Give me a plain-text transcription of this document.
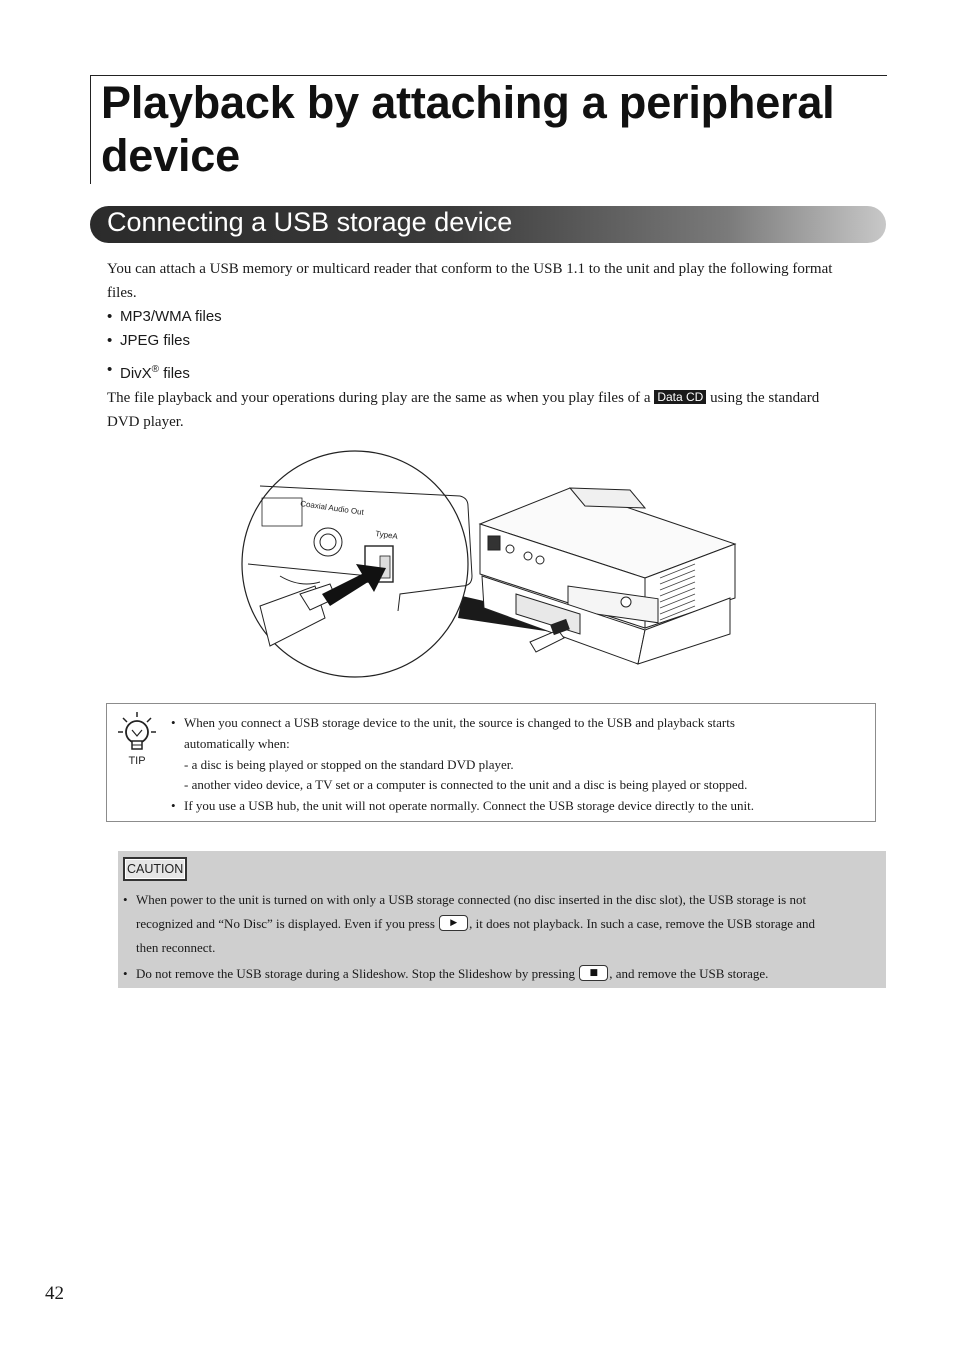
Playback by attaching a peripheral device
Connecting a USB storage device

You can attach a USB memory or multicard reader that conform to the USB 1.1 to the unit and play the following format
files.

• MP3/WMA files
• JPEG files
• DivX® files

The file playback and your operations during play are the same as when you play files of a Data CD using the standard
DVD player.

Coaxial Audio Out
TypeA
TIP
• When you connect a USB storage device to the unit, the source is changed to the USB and playback starts
automatically when:
- a disc is being played or stopped on the standard DVD player.
- another video device, a TV set or a computer is connected to the unit and a disc is being played or stopped.
• If you use a USB hub, the unit will not operate normally. Connect the USB storage device directly to the unit.
CAUTION
• When power to the unit is turned on with only a USB storage connected (no disc inserted in the disc slot), the USB storage is not
recognized and “No Disc” is displayed. Even if you press	▶ , it does not playback. In such a case, remove the USB storage and
then reconnect.
• Do not remove the USB storage during a Slideshow. Stop the Slideshow by pressing	■ , and remove the USB storage.
42
